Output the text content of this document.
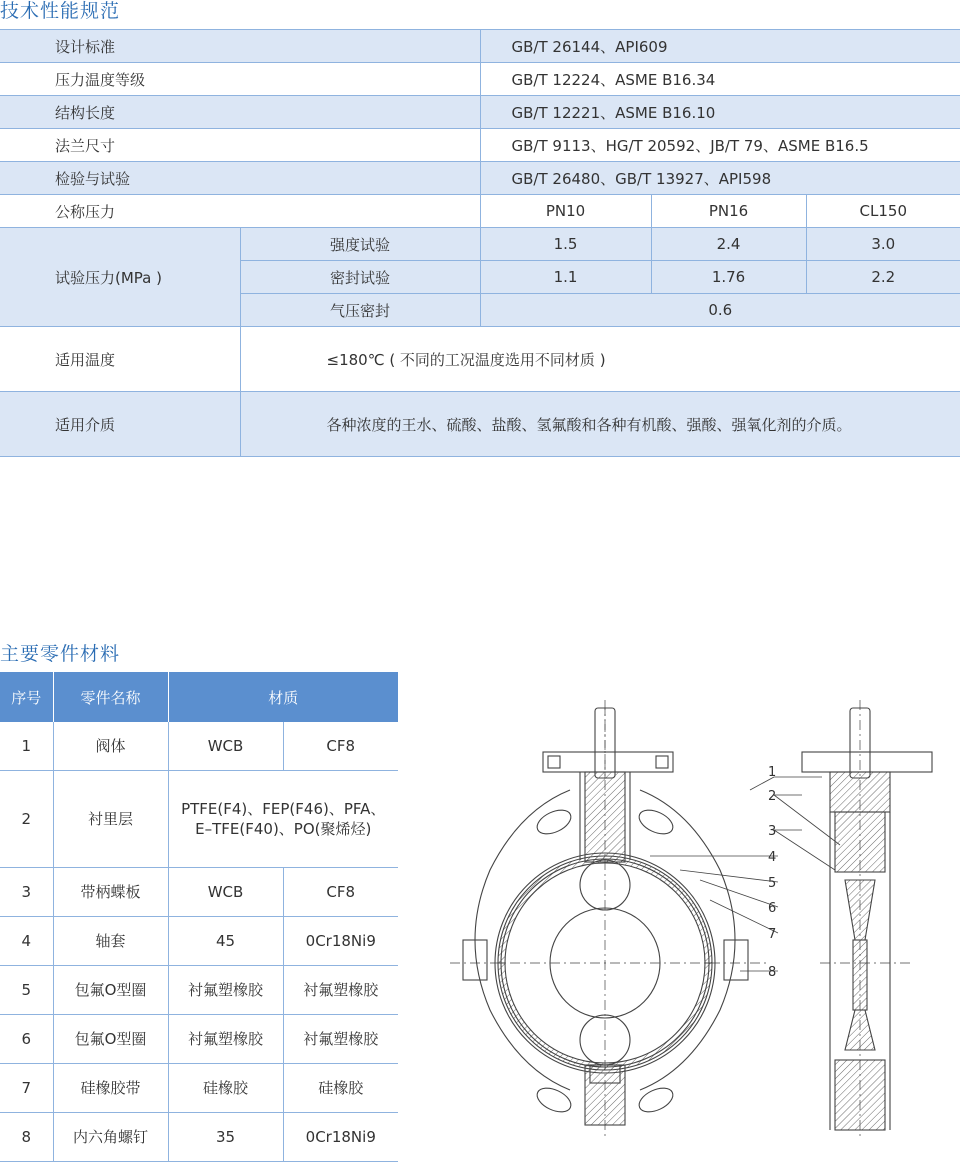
技术性能规范
设计标准		GB/T 26144、API609		
压力温度等级		GB/T 12224、ASME B16.34		
结构长度		GB/T 12221、ASME B16.10		
法兰尺寸		GB/T 9113、HG/T 20592、JB/T 79、ASME B16.5		
检验与试验		GB/T 26480、GB/T 13927、API598		
公称压力		PN10	PN16	CL150
试验压力(MPa )	强度试验	1.5	2.4	3.0
	密封试验	1.1	1.76	2.2
	气压密封	0.6		
适用温度	≤180℃ ( 不同的工况温度选用不同材质 )			
适用介质	各种浓度的王水、硫酸、盐酸、氢氟酸和各种有机酸、强酸、强氧化剂的介质。			
主要零件材料
序号	零件名称	材质	
1	阀体	WCB	CF8
2	衬里层	PTFE(F4)、FEP(F46)、PFA、
E–TFE(F40)、PO(聚烯烃)	

3	带柄蝶板	WCB	CF8
4	轴套	45	0Cr18Ni9
5	包氟O型圈	衬氟塑橡胶	衬氟塑橡胶
6	包氟O型圈	衬氟塑橡胶	衬氟塑橡胶
7	硅橡胶带	硅橡胶	硅橡胶
8	内六角螺钉	35	0Cr18Ni9
1
2
3
4
5
6
7
8
